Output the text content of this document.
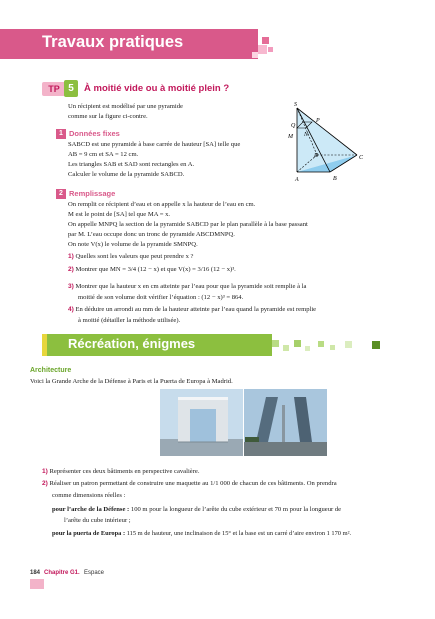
Travaux pratiques
TP 5	À moitié vide ou à moitié plein ?
Un récipient est modélisé par une pyramide
comme sur la figure ci-contre.
S
P
Q
M N
D	C
A	B
1 Données fixes
SABCD est une pyramide à base carrée de hauteur [SA] telle que
AB = 9 cm et SA = 12 cm.
Les triangles SAB et SAD sont rectangles en A.
Calculer le volume de la pyramide SABCD.
2 Remplissage
On remplit ce récipient d’eau et on appelle x la hauteur de l’eau en cm.
M est le point de [SA] tel que MA = x.
On appelle MNPQ la section de la pyramide SABCD par le plan parallèle à la base passant
par M. L’eau occupe donc un tronc de pyramide ABCDMNPQ.
On note V(x) le volume de la pyramide SMNPQ.
1) Quelles sont les valeurs que peut prendre x ?
2) Montrer que MN = 3/4 (12 − x) et que V(x) = 3/16 (12 − x)³.
3) Montrer que la hauteur x en cm atteinte par l’eau pour que la pyramide soit remplie à la
moitié de son volume doit vérifier l’équation : (12 − x)³ = 864.
4) En déduire un arrondi au mm de la hauteur atteinte par l’eau quand la pyramide est remplie
à moitié (détailler la méthode utilisée).
Récréation, énigmes
Architecture
Voici la Grande Arche de la Défense à Paris et la Puerta de Europa à Madrid.
1) Représenter ces deux bâtiments en perspective cavalière.
2) Réaliser un patron permettant de construire une maquette au 1/1 000 de chacun de ces bâtiments. On prendra
comme dimensions réelles :
pour l’arche de la Défense : 100 m pour la longueur de l’arête du cube extérieur et 70 m pour la longueur de
l’arête du cube intérieur ;
pour la puerta de Europa : 115 m de hauteur, une inclinaison de 15° et la base est un carré d’aire environ 1 170 m².
184 Chapitre G1. Espace
